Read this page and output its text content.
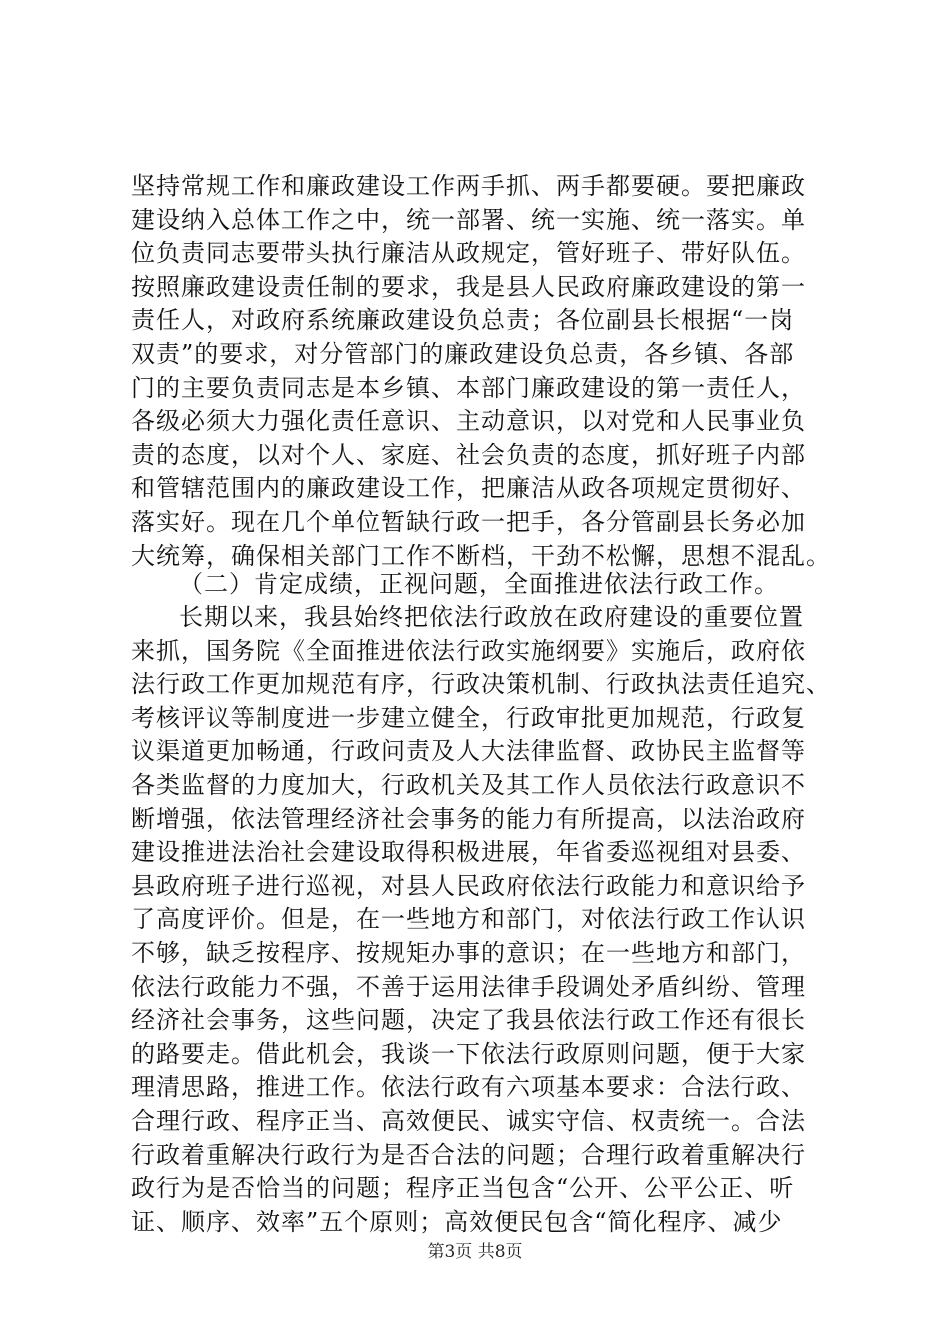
坚持常规工作和廉政建设工作两手抓、两手都要硬。要把廉政
建设纳入总体工作之中，统一部署、统一实施、统一落实。单
位负责同志要带头执行廉洁从政规定，管好班子、带好队伍。
按照廉政建设责任制的要求，我是县人民政府廉政建设的第一
责任人，对政府系统廉政建设负总责；各位副县长根据“一岗
双责”的要求，对分管部门的廉政建设负总责，各乡镇、各部
门的主要负责同志是本乡镇、本部门廉政建设的第一责任人，
各级必须大力强化责任意识、主动意识，以对党和人民事业负
责的态度，以对个人、家庭、社会负责的态度，抓好班子内部
和管辖范围内的廉政建设工作，把廉洁从政各项规定贯彻好、
落实好。现在几个单位暂缺行政一把手，各分管副县长务必加
大统筹，确保相关部门工作不断档，干劲不松懈，思想不混乱。
（二）肯定成绩，正视问题，全面推进依法行政工作。
长期以来，我县始终把依法行政放在政府建设的重要位置
来抓，国务院《全面推进依法行政实施纲要》实施后，政府依
法行政工作更加规范有序，行政决策机制、行政执法责任追究、
考核评议等制度进一步建立健全，行政审批更加规范，行政复
议渠道更加畅通，行政问责及人大法律监督、政协民主监督等
各类监督的力度加大，行政机关及其工作人员依法行政意识不
断增强，依法管理经济社会事务的能力有所提高，以法治政府
建设推进法治社会建设取得积极进展，年省委巡视组对县委、
县政府班子进行巡视，对县人民政府依法行政能力和意识给予
了高度评价。但是，在一些地方和部门，对依法行政工作认识
不够，缺乏按程序、按规矩办事的意识；在一些地方和部门，
依法行政能力不强，不善于运用法律手段调处矛盾纠纷、管理
经济社会事务，这些问题，决定了我县依法行政工作还有很长
的路要走。借此机会，我谈一下依法行政原则问题，便于大家
理清思路，推进工作。依法行政有六项基本要求：合法行政、
合理行政、程序正当、高效便民、诚实守信、权责统一。合法
行政着重解决行政行为是否合法的问题；合理行政着重解决行
政行为是否恰当的问题；程序正当包含“公开、公平公正、听
证、顺序、效率”五个原则；高效便民包含“简化程序、减少
第3页 共8页
